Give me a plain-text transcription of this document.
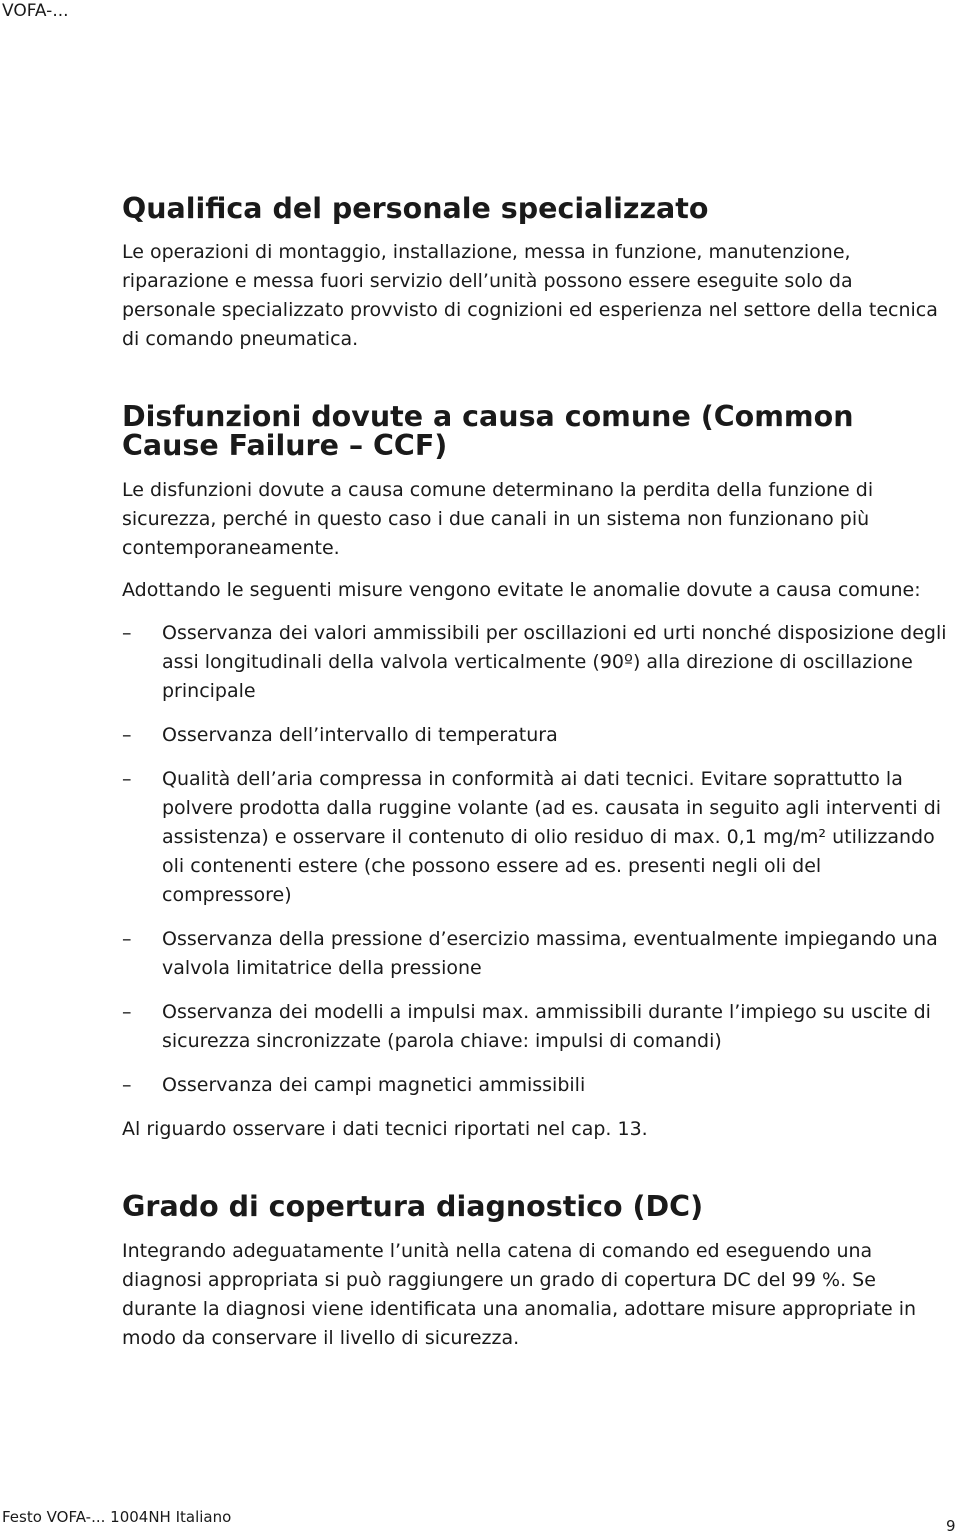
VOFA-...
Qualifica del personale specializzato

Le operazioni di montaggio, installazione, messa in funzione, manutenzione, riparazione e messa fuori servizio dell’unità possono essere eseguite solo da personale specializzato provvisto di cognizioni ed esperienza nel settore della tecnica di comando pneumatica.

Disfunzioni dovute a causa comune (Common Cause Failure – CCF)

Le disfunzioni dovute a causa comune determinano la perdita della funzione di sicurezza, perché in questo caso i due canali in un sistema non funzionano più contemporaneamente.

Adottando le seguenti misure vengono evitate le anomalie dovute a causa comune:

– Osservanza dei valori ammissibili per oscillazioni ed urti nonché disposizione degli assi longitudinali della valvola verticalmente (90º) alla direzione di oscillazione principale
– Osservanza dell’intervallo di temperatura
– Qualità dell’aria compressa in conformità ai dati tecnici. Evitare soprattutto la polvere prodotta dalla ruggine volante (ad es. causata in seguito agli interventi di assistenza) e osservare il contenuto di olio residuo di max. 0,1 mg/m² utilizzando oli contenenti estere (che possono essere ad es. presenti negli oli del compressore)
– Osservanza della pressione d’esercizio massima, eventualmente impiegando una valvola limitatrice della pressione
– Osservanza dei modelli a impulsi max. ammissibili durante l’impiego su uscite di sicurezza sincronizzate (parola chiave: impulsi di comandi)
– Osservanza dei campi magnetici ammissibili

Al riguardo osservare i dati tecnici riportati nel cap. 13.

Grado di copertura diagnostico (DC)

Integrando adeguatamente l’unità nella catena di comando ed eseguendo una diagnosi appropriata si può raggiungere un grado di copertura DC del 99 %. Se durante la diagnosi viene identificata una anomalia, adottare misure appropriate in modo da conservare il livello di sicurezza.

Festo VOFA-... 1004NH Italiano	9
